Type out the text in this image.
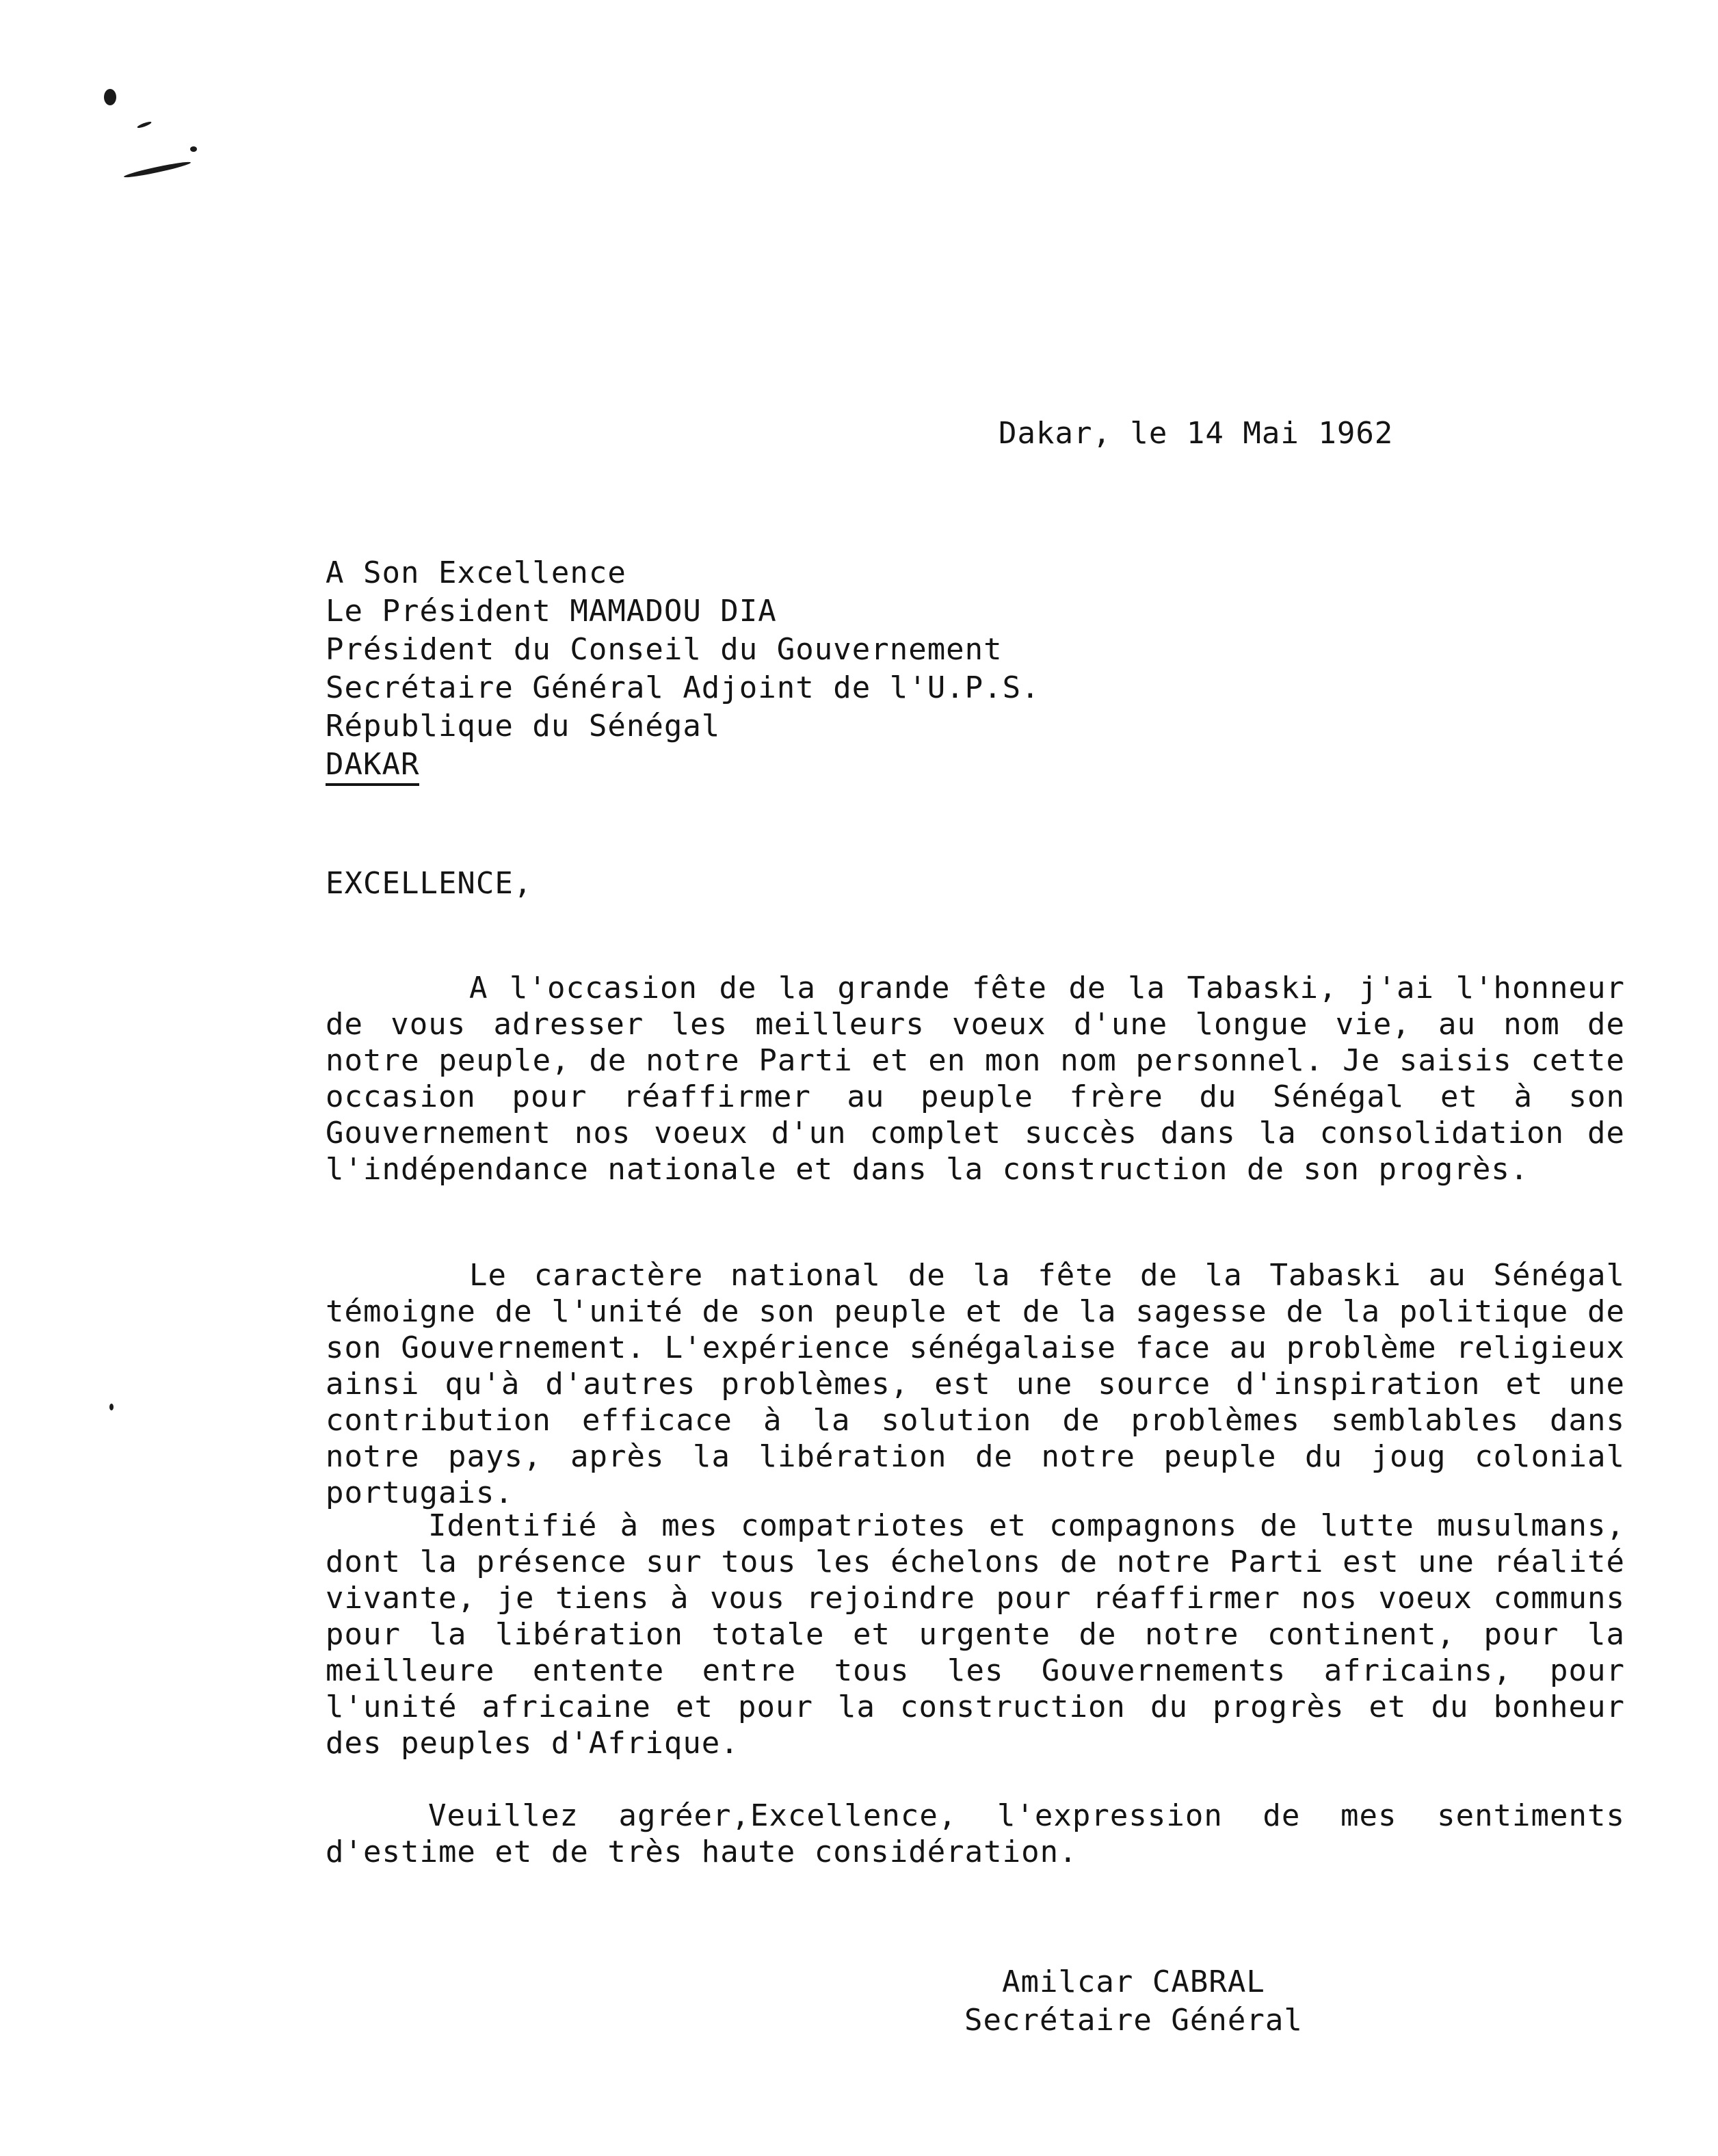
Dakar, le 14 Mai 1962
A Son Excellence
Le Président MAMADOU DIA
Président du Conseil du Gouvernement
Secrétaire Général Adjoint de l'U.P.S.
République du Sénégal
DAKAR
EXCELLENCE,

A l'occasion de la grande fête de la Tabaski, j'ai l'honneur de vous adresser les meilleurs voeux d'une longue vie, au nom de notre peuple, de notre Parti et en mon nom personnel. Je saisis cette occasion pour réaffirmer au peuple frère du Sénégal et à son Gouvernement nos voeux d'un complet succès dans la consolidation de l'indépendance nationale et dans la construction de son progrès.

Le caractère national de la fête de la Tabaski au Sénégal témoigne de l'unité de son peuple et de la sagesse de la politique de son Gouvernement. L'expérience sénégalaise face au problème religieux ainsi qu'à d'autres problèmes, est une source d'inspiration et une contribution efficace à la solution de problèmes semblables dans notre pays, après la libération de notre peuple du joug colonial portugais.

Identifié à mes compatriotes et compagnons de lutte musulmans, dont la présence sur tous les échelons de notre Parti est une réalité vivante, je tiens à vous rejoindre pour réaffirmer nos voeux communs pour la libération totale et urgente de notre continent, pour la meilleure entente entre tous les Gouvernements africains, pour l'unité africaine et pour la construction du progrès et du bonheur des peuples d'Afrique.

Veuillez agréer,Excellence, l'expression de mes sentiments d'estime et de très haute considération.

Amilcar CABRAL
Secrétaire Général
